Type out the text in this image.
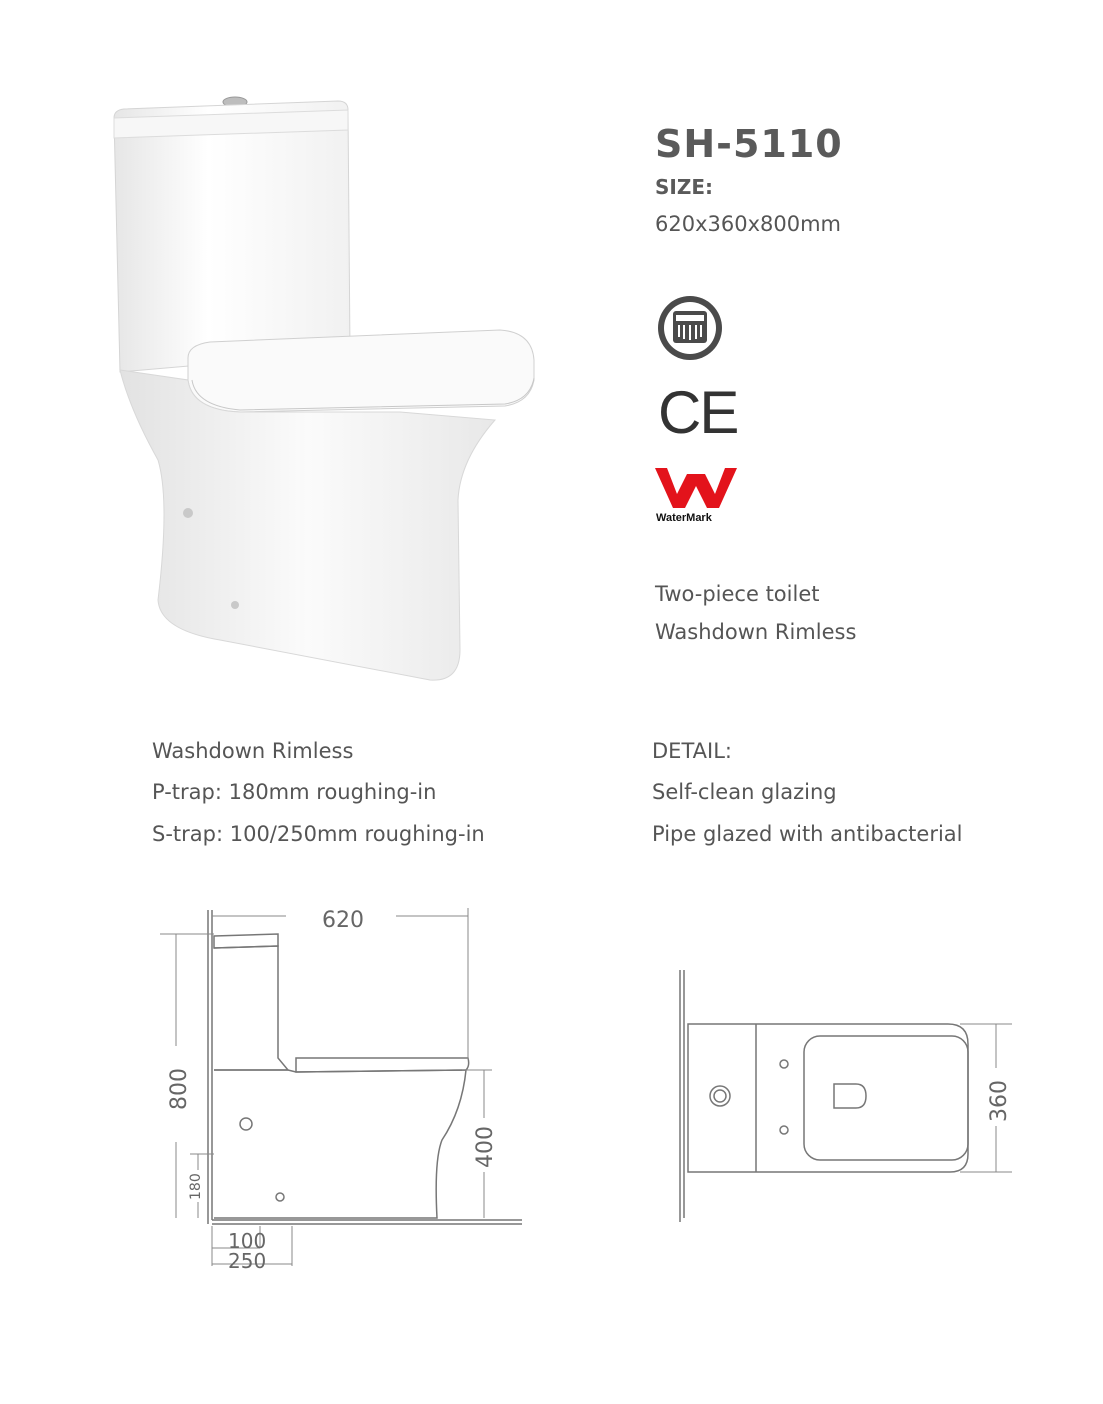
SH-5110
SIZE:
620x360x800mm
CE
WaterMark
Two-piece toilet
Washdown Rimless
Washdown Rimless
P-trap: 180mm roughing-in
S-trap: 100/250mm roughing-in
DETAIL:
Self-clean glazing
Pipe glazed with antibacterial
620
800
400
180
100
250
360
